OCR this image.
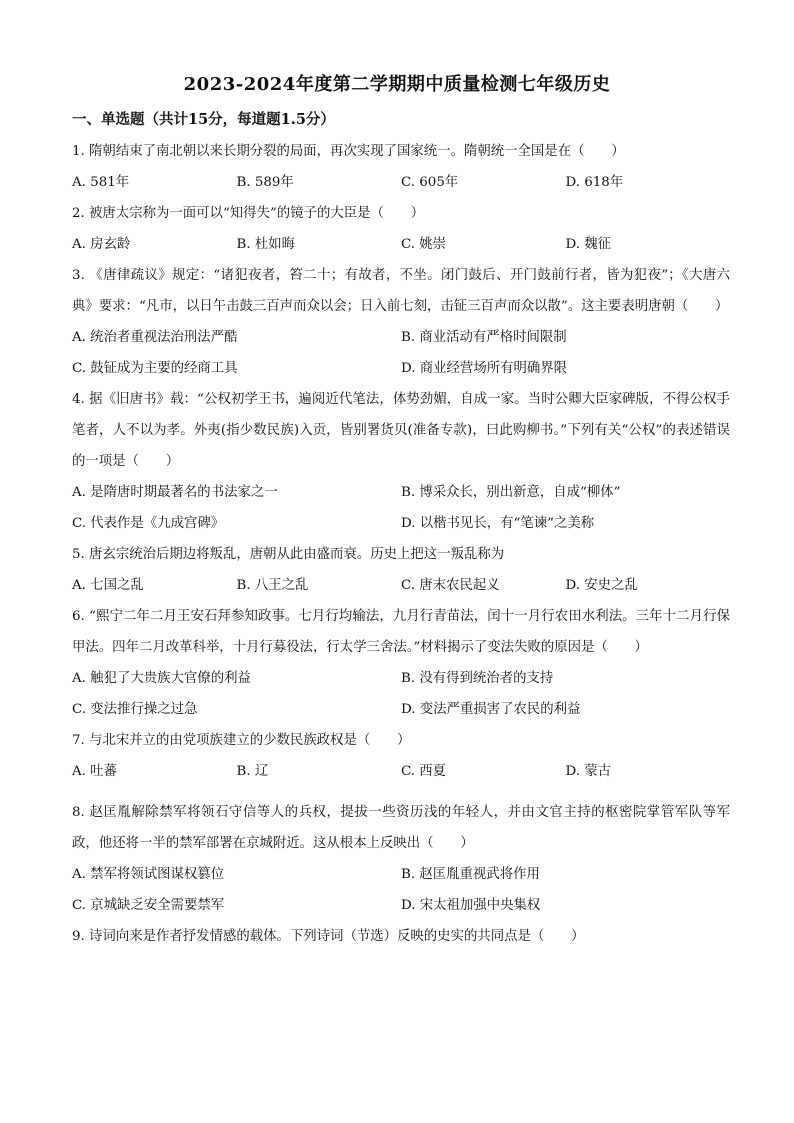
2023-2024年度第二学期期中质量检测七年级历史
一、单选题（共计15分，每道题1.5分）

1. 隋朝结束了南北朝以来长期分裂的局面，再次实现了国家统一。隋朝统一全国是在（　　）

A. 581年	B. 589年	C. 605年	D. 618年

2. 被唐太宗称为一面可以“知得失”的镜子的大臣是（　　）

A. 房玄龄	B. 杜如晦	C. 姚崇	D. 魏征

3. 《唐律疏议》规定：“诸犯夜者，笞二十；有故者，不坐。闭门鼓后、开门鼓前行者，皆为犯夜”；《大唐六典》要求：“凡市，以日午击鼓三百声而众以会；日入前七刻，击钲三百声而众以散”。这主要表明唐朝（　　）

A. 统治者重视法治刑法严酷	B. 商业活动有严格时间限制
C. 鼓钲成为主要的经商工具	D. 商业经营场所有明确界限

4. 据《旧唐书》载：“公权初学王书，遍阅近代笔法，体势劲媚，自成一家。当时公卿大臣家碑版，不得公权手笔者，人不以为孝。外夷(指少数民族)入贡，皆别署货贝(准备专款)，曰此购柳书。”下列有关“公权”的表述错误的一项是（　　）

A. 是隋唐时期最著名的书法家之一	B. 博采众长，别出新意，自成“柳体”
C. 代表作是《九成宫碑》	D. 以楷书见长，有“笔谏”之美称

5. 唐玄宗统治后期边将叛乱，唐朝从此由盛而衰。历史上把这一叛乱称为

A. 七国之乱	B. 八王之乱	C. 唐末农民起义	D. 安史之乱

6. “熙宁二年二月王安石拜参知政事。七月行均输法，九月行青苗法，闰十一月行农田水利法。三年十二月行保甲法。四年二月改革科举，十月行募役法，行太学三舍法。”材料揭示了变法失败的原因是（　　）

A. 触犯了大贵族大官僚的利益	B. 没有得到统治者的支持
C. 变法推行操之过急	D. 变法严重损害了农民的利益

7. 与北宋并立的由党项族建立的少数民族政权是（　　）

A. 吐蕃	B. 辽	C. 西夏	D. 蒙古

8. 赵匡胤解除禁军将领石守信等人的兵权，提拔一些资历浅的年轻人，并由文官主持的枢密院掌管军队等军政，他还将一半的禁军部署在京城附近。这从根本上反映出（　　）

A. 禁军将领试图谋权篡位	B. 赵匡胤重视武将作用
C. 京城缺乏安全需要禁军	D. 宋太祖加强中央集权

9. 诗词向来是作者抒发情感的载体。下列诗词（节选）反映的史实的共同点是（　　）
